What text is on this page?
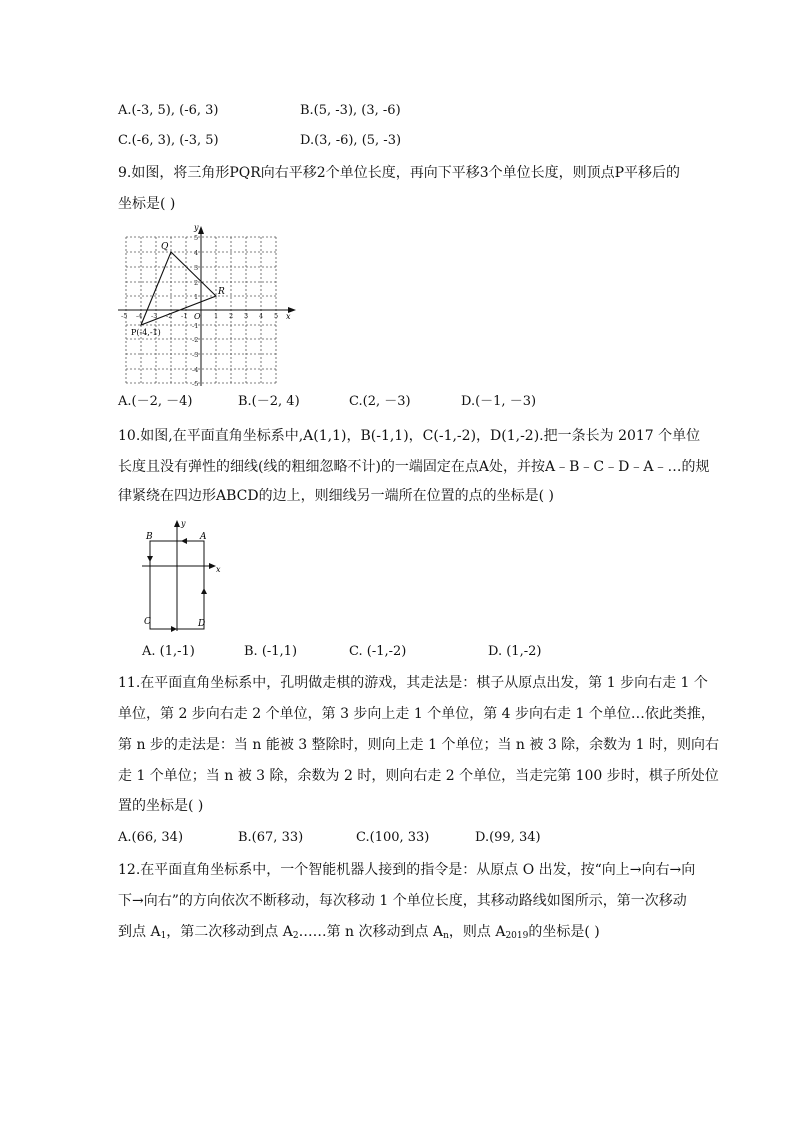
A.(-3, 5), (-6, 3)	B.(5, -3), (3, -6)
C.(-6, 3), (-3, 5)	D.(3, -6), (5, -3)
9.如图，将三角形PQR向右平移2个单位长度，再向下平移3个单位长度，则顶点P平移后的
坐标是( )
y
x
O
Q
R
P(-4,-1)
-5 -4 -3 -2 -1	1 2 3 4 5
5
4
3
2
1
-1
-2
-3
-4
-5
A.(－2, －4)	B.(－2, 4)	C.(2, －3)	D.(－1, －3)
10.如图,在平面直角坐标系中,A(1,1)，B(-1,1)，C(-1,-2)，D(1,-2).把一条长为 2017 个单位
长度且没有弹性的细线(线的粗细忽略不计)的一端固定在点A处，并按A﹣B﹣C﹣D﹣A﹣…的规
律紧绕在四边形ABCD的边上，则细线另一端所在位置的点的坐标是( )
B	A
C	D
y
x
A. (1,-1)	B. (-1,1)	C. (-1,-2)	D. (1,-2)
11.在平面直角坐标系中，孔明做走棋的游戏，其走法是：棋子从原点出发，第 1 步向右走 1 个
单位，第 2 步向右走 2 个单位，第 3 步向上走 1 个单位，第 4 步向右走 1 个单位…依此类推，
第 n 步的走法是：当 n 能被 3 整除时，则向上走 1 个单位；当 n 被 3 除，余数为 1 时，则向右
走 1 个单位；当 n 被 3 除，余数为 2 时，则向右走 2 个单位，当走完第 100 步时，棋子所处位
置的坐标是( )
A.(66, 34)	B.(67, 33)	C.(100, 33)	D.(99, 34)
12.在平面直角坐标系中，一个智能机器人接到的指令是：从原点 O 出发，按“向上→向右→向
下→向右”的方向依次不断移动，每次移动 1 个单位长度，其移动路线如图所示，第一次移动
到点 $A_1$，第二次移动到点 $A_2\dots\dots$第 n 次移动到点 $A_n$，则点 $A_{2019}$的坐标是( )
